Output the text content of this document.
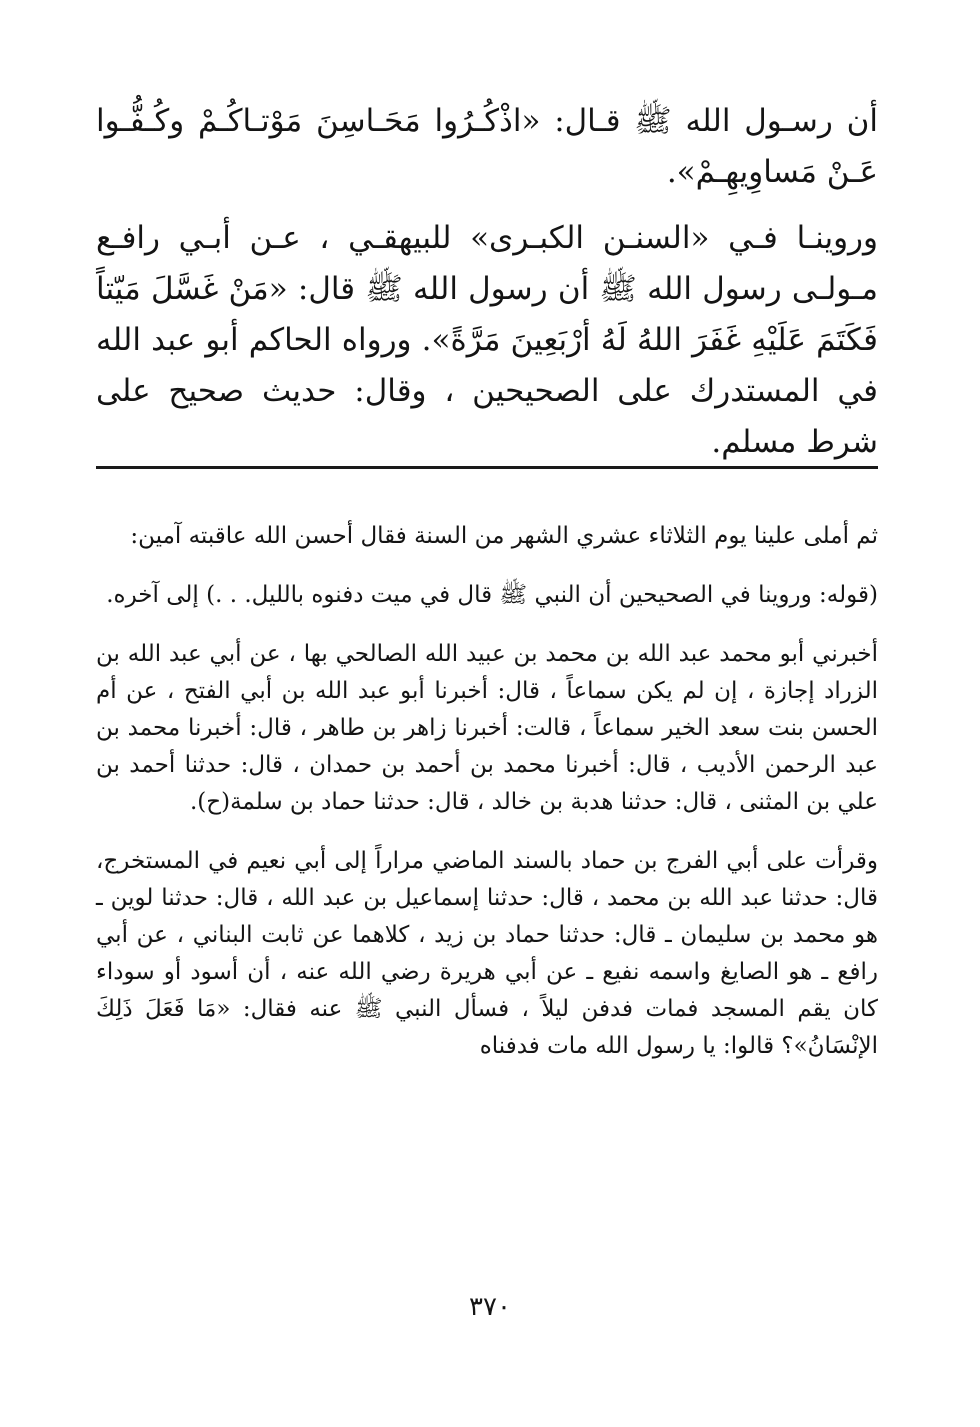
أن رسـول الله ﷺ قـال: «اذْكُـرُوا مَحَـاسِنَ مَوْتـاكُـمْ وكُـفُّـوا عَـنْ مَساوِيهِـمْ».

وروينـا فـي «السنـن الكبـرى» للبيهقـي ، عـن أبـي رافـع مـولـى رسول الله ﷺ أن رسول الله ﷺ قال: «مَنْ غَسَّلَ مَيّتاً فَكَتَمَ عَلَيْهِ غَفَرَ اللهُ لَهُ أرْبَعِينَ مَرَّةً». ورواه الحاكم أبو عبد الله في المستدرك على الصحيحين ، وقال: حديث صحيح على شرط مسلم.

ثم أملى علينا يوم الثلاثاء عشري الشهر من السنة فقال أحسن الله عاقبته آمين:

(قوله: وروينا في الصحيحين أن النبي ﷺ قال في ميت دفنوه بالليل. . .) إلى آخره.

أخبرني أبو محمد عبد الله بن محمد بن عبيد الله الصالحي بها ، عن أبي عبد الله بن الزراد إجازة ، إن لم يكن سماعاً ، قال: أخبرنا أبو عبد الله بن أبي الفتح ، عن أم الحسن بنت سعد الخير سماعاً ، قالت: أخبرنا زاهر بن طاهر ، قال: أخبرنا محمد بن عبد الرحمن الأديب ، قال: أخبرنا محمد بن أحمد بن حمدان ، قال: حدثنا أحمد بن علي بن المثنى ، قال: حدثنا هدبة بن خالد ، قال: حدثنا حماد بن سلمة(ح).

وقرأت على أبي الفرج بن حماد بالسند الماضي مراراً إلى أبي نعيم في المستخرج، قال: حدثنا عبد الله بن محمد ، قال: حدثنا إسماعيل بن عبد الله ، قال: حدثنا لوين ـ هو محمد بن سليمان ـ قال: حدثنا حماد بن زيد ، كلاهما عن ثابت البناني ، عن أبي رافع ـ هو الصايغ واسمه نفيع ـ عن أبي هريرة رضي الله عنه ، أن أسود أو سوداء كان يقم المسجد فمات فدفن ليلاً ، فسأل النبي ﷺ عنه فقال: «مَا فَعَلَ ذَلِكَ الإنْسَانُ»؟ قالوا: يا رسول الله مات فدفناه

٣٧٠
